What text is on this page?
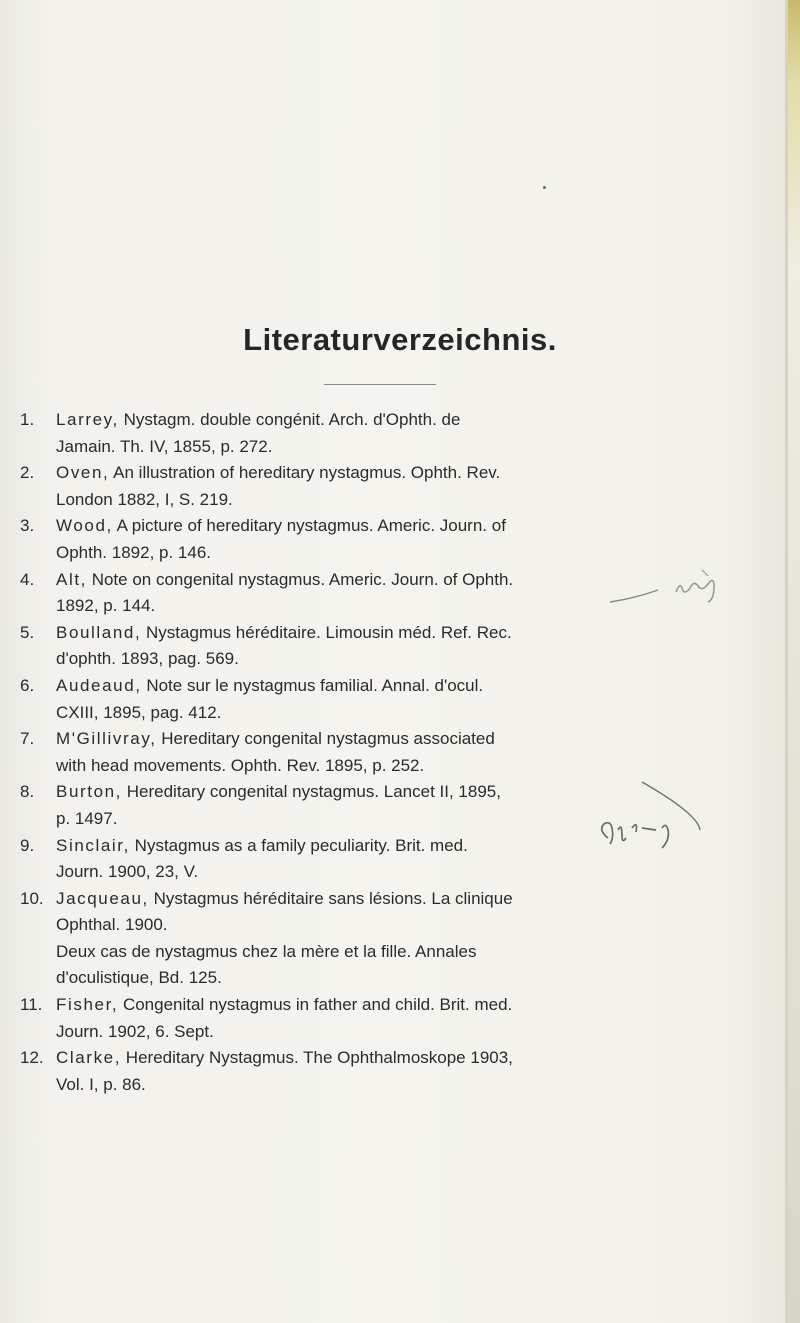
Literaturverzeichnis.
1. Larrey, Nystagm. double congénit. Arch. d'Ophth. de
Jamain. Th. IV, 1855, p. 272.
2. Oven, An illustration of hereditary nystagmus. Ophth. Rev.
London 1882, I, S. 219.
3. Wood, A picture of hereditary nystagmus. Americ. Journ. of
Ophth. 1892, p. 146.
4. Alt, Note on congenital nystagmus. Americ. Journ. of Ophth.
1892, p. 144.
5. Boulland, Nystagmus héréditaire. Limousin méd. Ref. Rec.
d'ophth. 1893, pag. 569.
6. Audeaud, Note sur le nystagmus familial. Annal. d'ocul.
CXIII, 1895, pag. 412.
7. M'Gillivray, Hereditary congenital nystagmus associated
with head movements. Ophth. Rev. 1895, p. 252.
8. Burton, Hereditary congenital nystagmus. Lancet II, 1895,
p. 1497.
9. Sinclair, Nystagmus as a family peculiarity. Brit. med.
Journ. 1900, 23, V.
10. Jacqueau, Nystagmus héréditaire sans lésions. La clinique
Ophthal. 1900.
Deux cas de nystagmus chez la mère et la fille. Annales
d'oculistique, Bd. 125.
11. Fisher, Congenital nystagmus in father and child. Brit. med.
Journ. 1902, 6. Sept.
12. Clarke, Hereditary Nystagmus. The Ophthalmoskope 1903,
Vol. I, p. 86.
